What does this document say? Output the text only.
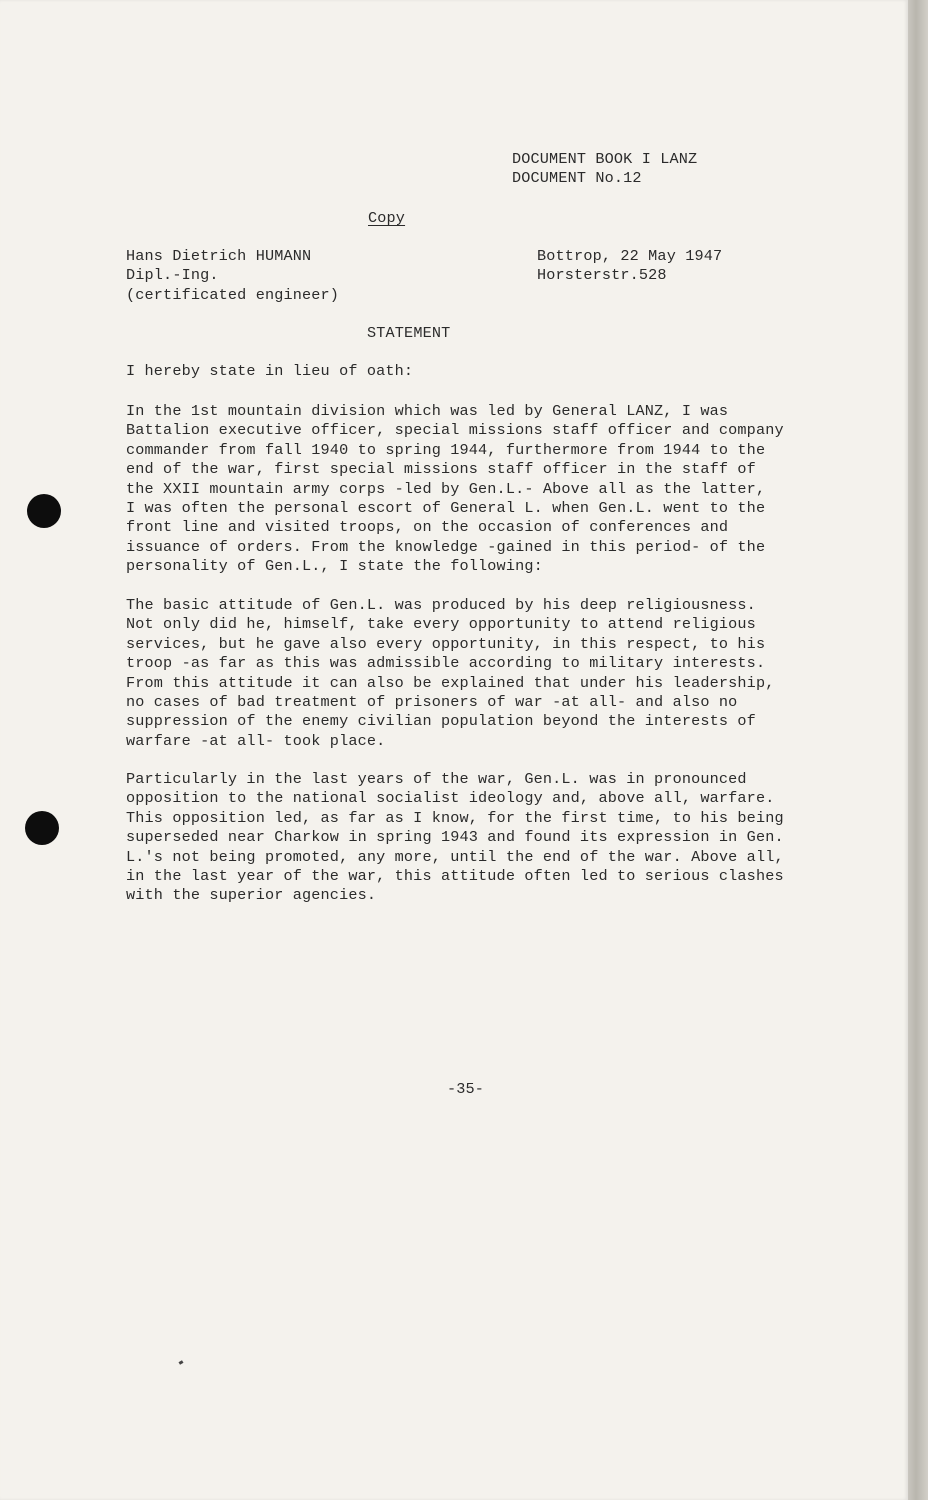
DOCUMENT BOOK I LANZ
DOCUMENT No.12
Copy
Hans Dietrich HUMANN
Dipl.-Ing.
(certificated engineer)
Bottrop, 22 May 1947
Horsterstr.528
STATEMENT
I hereby state in lieu of oath:
In the 1st mountain division which was led by General LANZ, I was
Battalion executive officer, special missions staff officer and company
commander from fall 1940 to spring 1944, furthermore from 1944 to the
end of the war, first special missions staff officer in the staff of
the XXII mountain army corps -led by Gen.L.- Above all as the latter,
I was often the personal escort of General L. when Gen.L. went to the
front line and visited troops, on the occasion of conferences and
issuance of orders. From the knowledge -gained in this period- of the
personality of Gen.L., I state the following:
The basic attitude of Gen.L. was produced by his deep religiousness.
Not only did he, himself, take every opportunity to attend religious
services, but he gave also every opportunity, in this respect, to his
troop -as far as this was admissible according to military interests.
From this attitude it can also be explained that under his leadership,
no cases of bad treatment of prisoners of war -at all- and also no
suppression of the enemy civilian population beyond the interests of
warfare -at all- took place.
Particularly in the last years of the war, Gen.L. was in pronounced
opposition to the national socialist ideology and, above all, warfare.
This opposition led, as far as I know, for the first time, to his being
superseded near Charkow in spring 1943 and found its expression in Gen.
L.'s not being promoted, any more, until the end of the war. Above all,
in the last year of the war, this attitude often led to serious clashes
with the superior agencies.
-35-
